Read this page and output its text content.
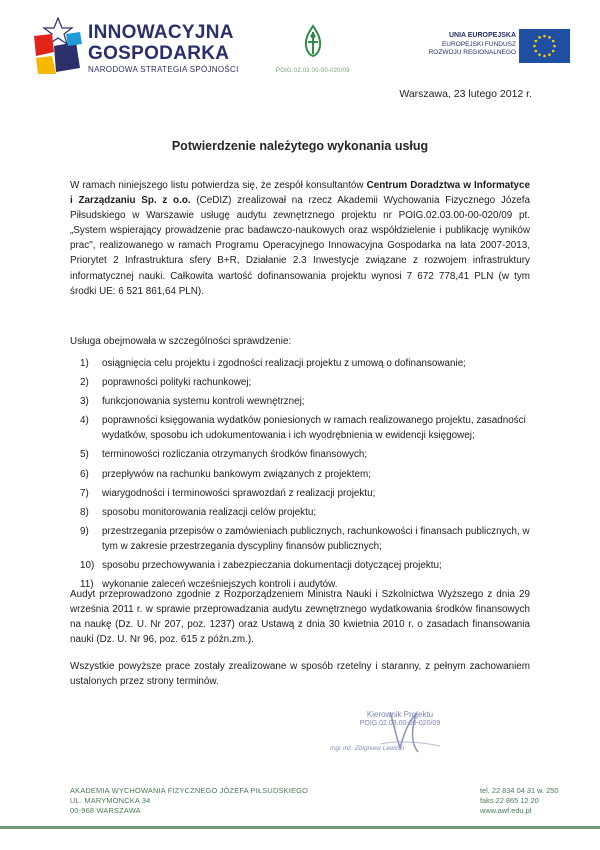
INNOWACYJNA
GOSPODARKA
NARODOWA STRATEGIA SPÓJNOŚCI	POIG.02.03.00-00-020/09
UNIA EUROPEJSKA
EUROPEJSKI FUNDUSZ
ROZWOJU REGIONALNEGO
Warszawa, 23 lutego 2012 r.
Potwierdzenie należytego wykonania usług
W ramach niniejszego listu potwierdza się, że zespół konsultantów Centrum Doradztwa w Informatyce i Zarządzaniu Sp. z o.o. (CeDIZ) zrealizował na rzecz Akademii Wychowania Fizycznego Józefa Piłsudskiego w Warszawie usługę audytu zewnętrznego projektu nr POIG.02.03.00-00-020/09 pt. „System wspierający prowadzenie prac badawczo-naukowych oraz współdzielenie i publikację wyników prac", realizowanego w ramach Programu Operacyjnego Innowacyjna Gospodarka na lata 2007-2013, Priorytet 2 Infrastruktura sfery B+R, Działanie 2.3 Inwestycje związane z rozwojem infrastruktury informatycznej nauki. Całkowita wartość dofinansowania projektu wynosi 7 672 778,41 PLN (w tym środki UE: 6 521 861,64 PLN).
Usługa obejmowała w szczególności sprawdzenie:
1) osiągnięcia celu projektu i zgodności realizacji projektu z umową o dofinansowanie;
2) poprawności polityki rachunkowej;
3) funkcjonowania systemu kontroli wewnętrznej;
4) poprawności księgowania wydatków poniesionych w ramach realizowanego projektu, zasadności wydatków, sposobu ich udokumentowania i ich wyodrębnienia w ewidencji księgowej;
5) terminowości rozliczania otrzymanych środków finansowych;
6) przepływów na rachunku bankowym związanych z projektem;
7) wiarygodności i terminowości sprawozdań z realizacji projektu;
8) sposobu monitorowania realizacji celów projektu;
9) przestrzegania przepisów o zamówieniach publicznych, rachunkowości i finansach publicznych, w tym w zakresie przestrzegania dyscypliny finansów publicznych;
10) sposobu przechowywania i zabezpieczania dokumentacji dotyczącej projektu;
11) wykonanie zaleceń wcześniejszych kontroli i audytów.
Audyt przeprowadzono zgodnie z Rozporządzeniem Ministra Nauki i Szkolnictwa Wyższego z dnia 29 września 2011 r. w sprawie przeprowadzania audytu zewnętrznego wydatkowania środków finansowych na naukę (Dz. U. Nr 207, poz. 1237) oraz Ustawą z dnia 30 kwietnia 2010 r. o zasadach finansowania nauki (Dz. U. Nr 96, poz. 615 z późn.zm.).
Wszystkie powyższe prace zostały zrealizowane w sposób rzetelny i staranny, z pełnym zachowaniem ustalonych przez strony terminów.
Kierownik Projektu
POIG.02.03.00-00-020/09
mgr inż. Zbigniew Lewicki
AKADEMIA WYCHOWANIA FIZYCZNEGO JÓZEFA PIŁSUDSKIEGO
UL. MARYMONCKA 34
00-968 WARSZAWA
tel. 22 834 04 31 w. 250
faks 22 865 12 20
www.awf.edu.pl
